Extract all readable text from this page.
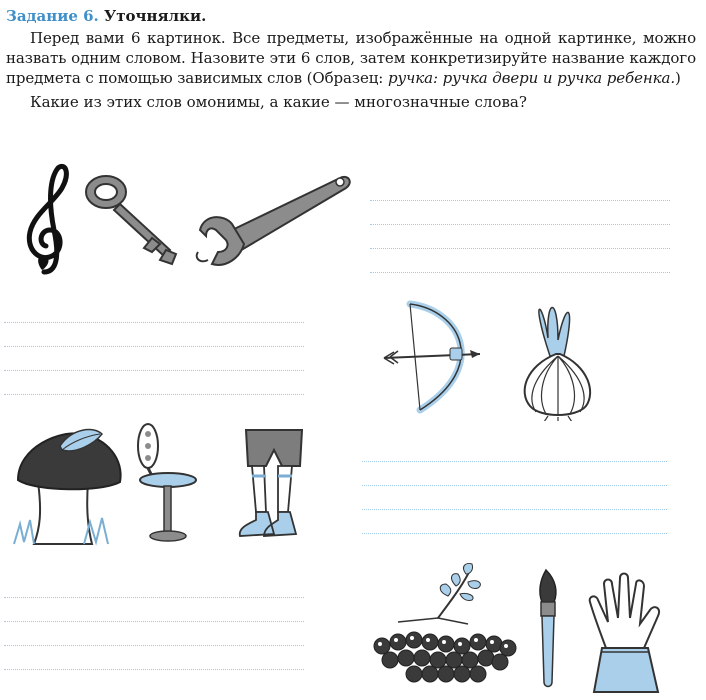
Задание 6. Уточнялки.

Перед вами 6 картинок. Все предметы, изображённые на одной картинке, можно назвать одним словом. Назовите эти 6 слов, затем конкретизируйте название каждого предмета с помощью зависимых слов (Образец: ручка: ручка двери и ручка ребенка.)

Какие из этих слов омонимы, а какие — многозначные слова?
